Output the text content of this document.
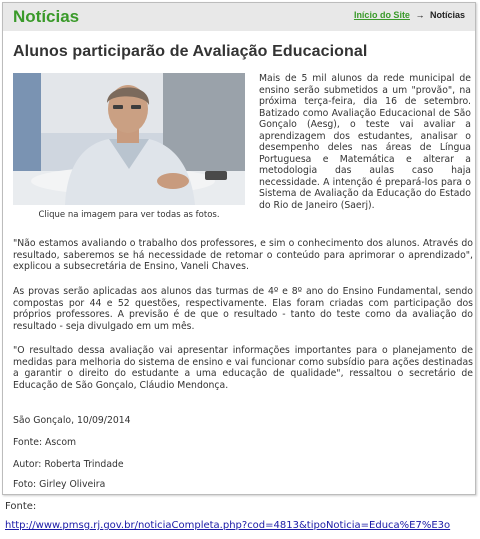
Notícias	Início do Site → Notícias
Alunos participarão de Avaliação Educacional
Clique na imagem para ver todas as fotos.

Mais de 5 mil alunos da rede municipal de ensino serão submetidos a um "provão", na próxima terça-feira, dia 16 de setembro. Batizado como Avaliação Educacional de São Gonçalo (Aesg), o teste vai avaliar a aprendizagem dos estudantes, analisar o desempenho deles nas áreas de Língua Portuguesa e Matemática e alterar a metodologia das aulas caso haja necessidade. A intenção é prepará-los para o Sistema de Avaliação da Educação do Estado do Rio de Janeiro (Saerj).

"Não estamos avaliando o trabalho dos professores, e sim o conhecimento dos alunos. Através do resultado, saberemos se há necessidade de retomar o conteúdo para aprimorar o aprendizado", explicou a subsecretária de Ensino, Vaneli Chaves.

As provas serão aplicadas aos alunos das turmas de 4º e 8º ano do Ensino Fundamental, sendo compostas por 44 e 52 questões, respectivamente. Elas foram criadas com participação dos próprios professores. A previsão é de que o resultado - tanto do teste como da avaliação do resultado - seja divulgado em um mês.

"O resultado dessa avaliação vai apresentar informações importantes para o planejamento de medidas para melhoria do sistema de ensino e vai funcionar como subsídio para ações destinadas a garantir o direito do estudante a uma educação de qualidade", ressaltou o secretário de Educação de São Gonçalo, Cláudio Mendonça.

São Gonçalo, 10/09/2014
Fonte: Ascom
Autor: Roberta Trindade
Foto: Girley Oliveira
Fonte:
http://www.pmsg.rj.gov.br/noticiaCompleta.php?cod=4813&tipoNoticia=Educa%E7%E3o
